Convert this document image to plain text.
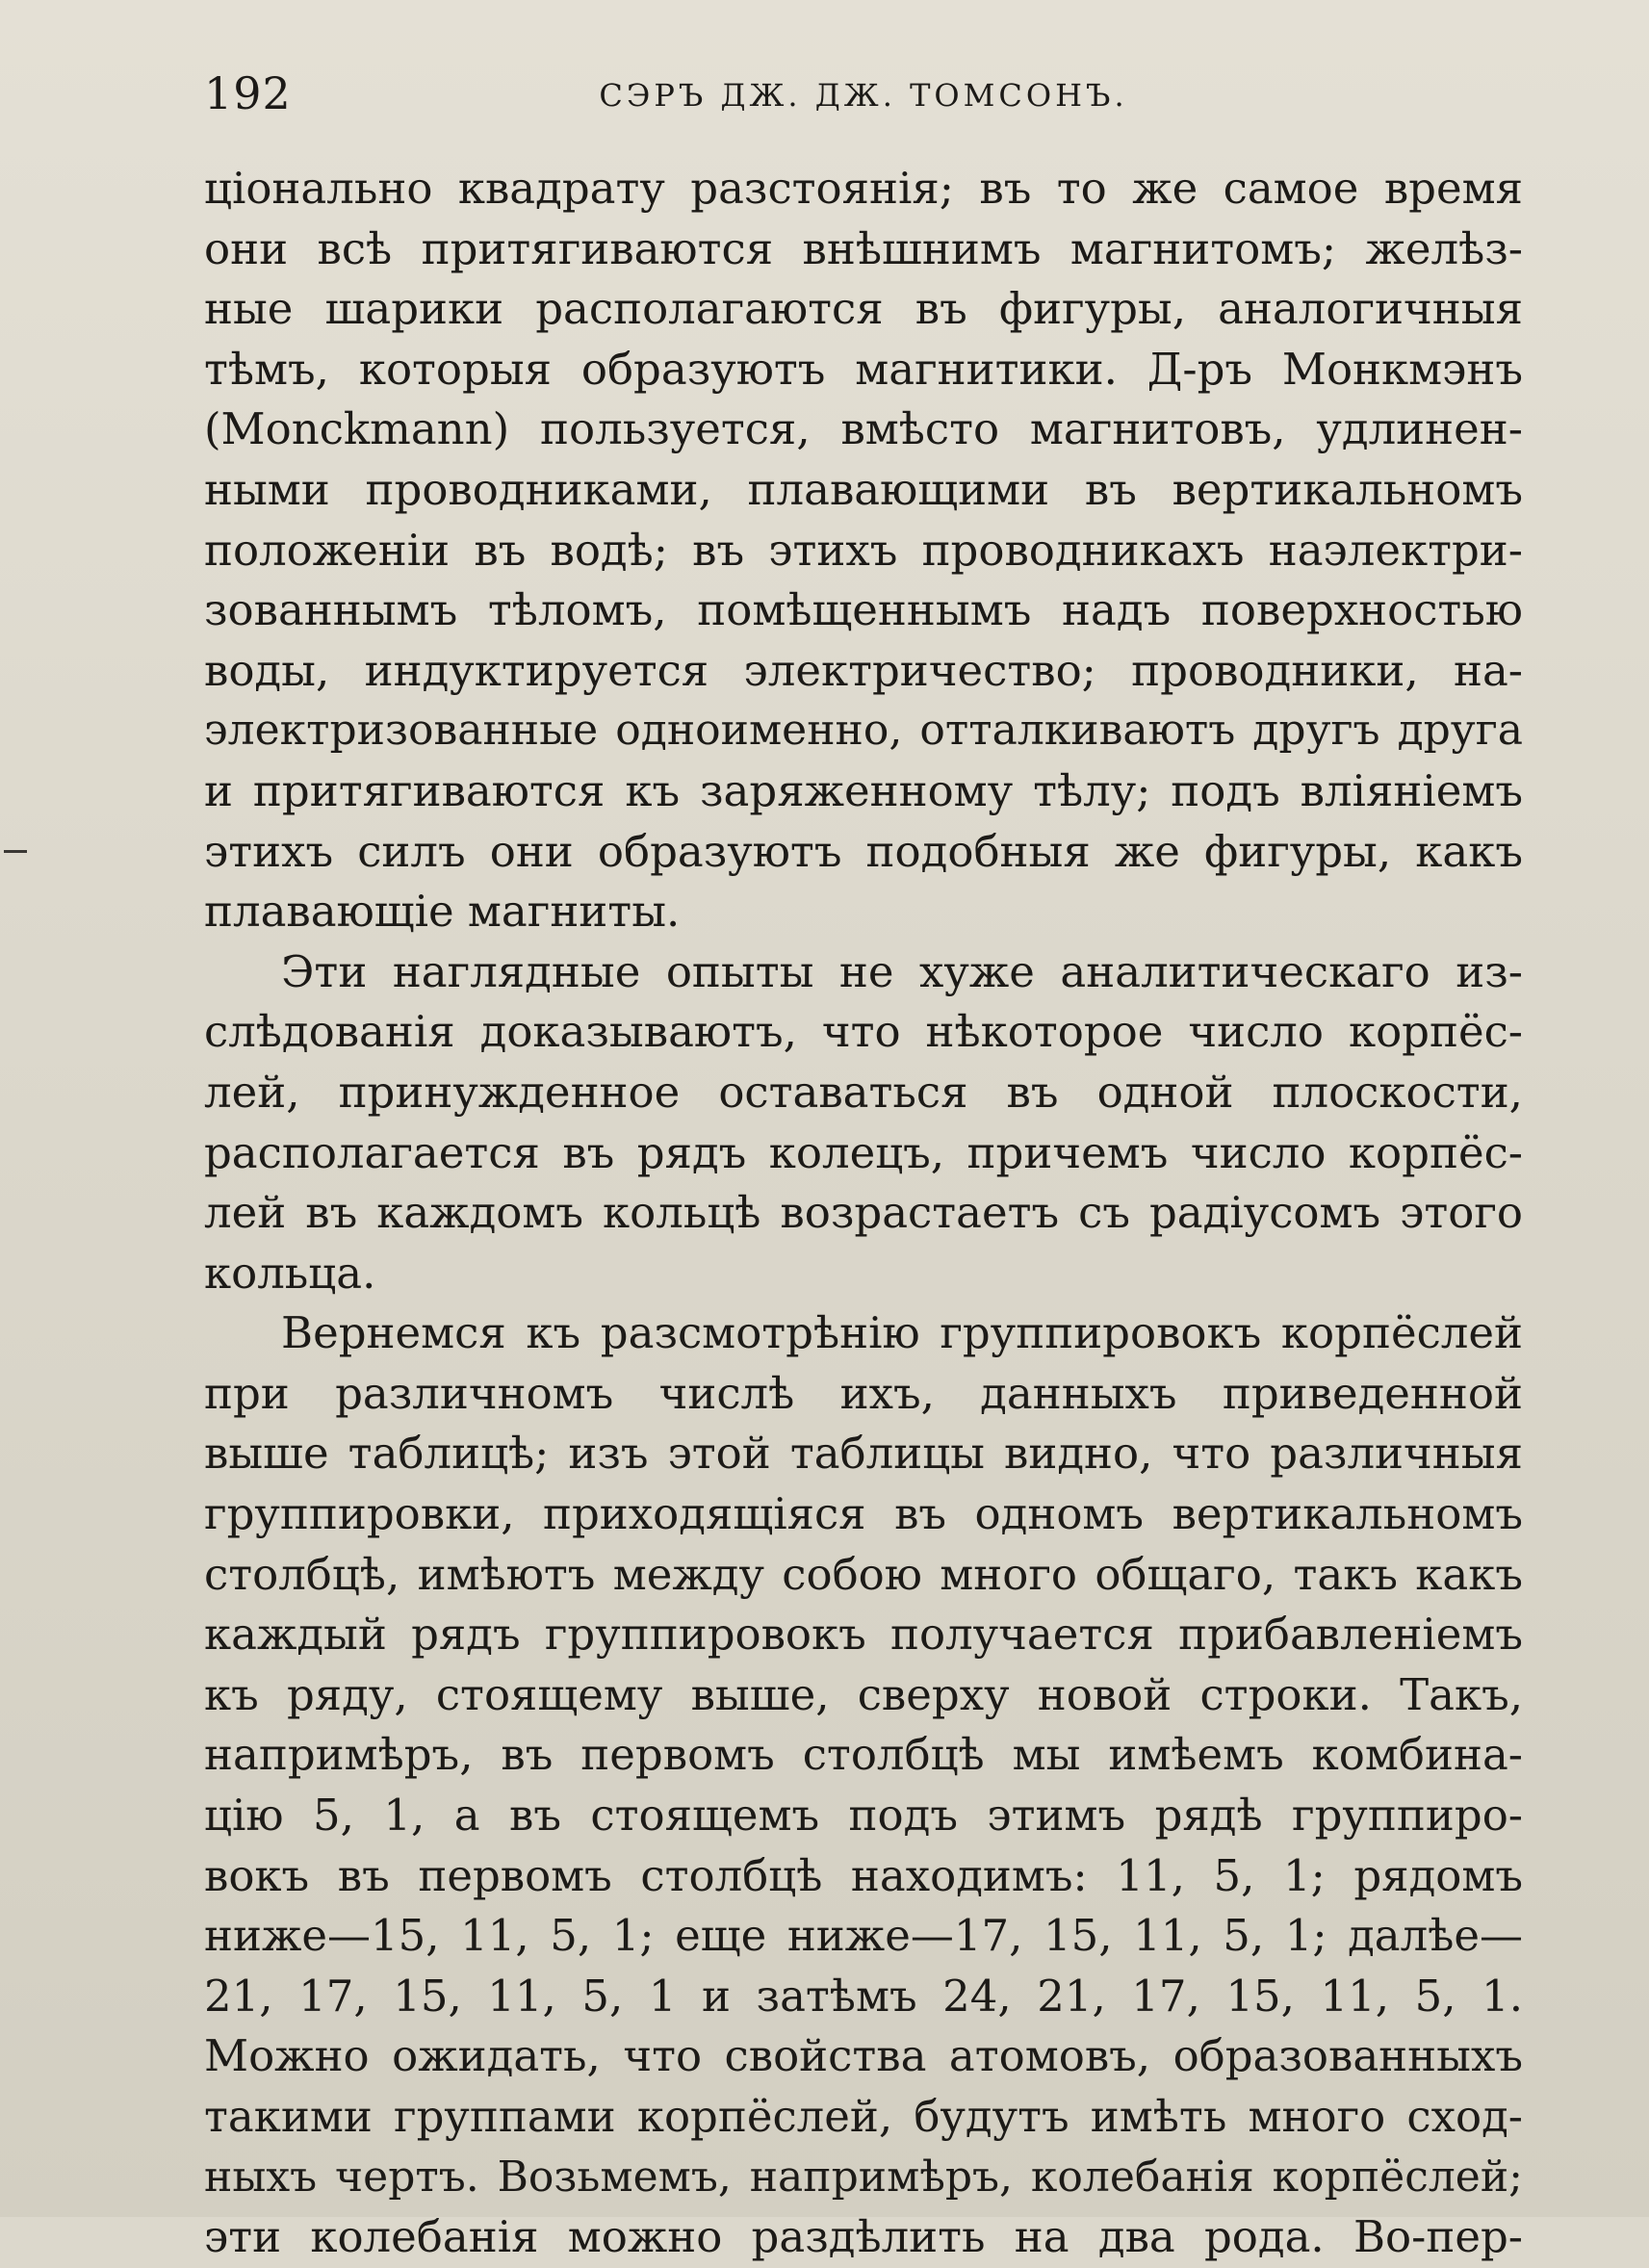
192	СЭРЪ ДЖ. ДЖ. ТОМСОНЪ.
ціонально квадрату разстоянія; въ то же самое время
они всѣ притягиваются внѣшнимъ магнитомъ; желѣз-
ные шарики располагаются въ фигуры, аналогичныя
тѣмъ, которыя образуютъ магнитики. Д-ръ Монкмэнъ
(Monckmann) пользуется, вмѣсто магнитовъ, удлинен-
ными проводниками, плавающими въ вертикальномъ
положеніи въ водѣ; въ этихъ проводникахъ наэлектри-
зованнымъ тѣломъ, помѣщеннымъ надъ поверхностью
воды, индуктируется электричество; проводники, на-
электризованные одноименно, отталкиваютъ другъ друга
и притягиваются къ заряженному тѣлу; подъ вліяніемъ
этихъ силъ они образуютъ подобныя же фигуры, какъ
плавающіе магниты.
Эти наглядные опыты не хуже аналитическаго из-
слѣдованія доказываютъ, что нѣкоторое число корпёс-
лей, принужденное оставаться въ одной плоскости,
располагается въ рядъ колецъ, причемъ число корпёс-
лей въ каждомъ кольцѣ возрастаетъ съ радіусомъ этого
кольца.
Вернемся къ разсмотрѣнію группировокъ корпёслей
при различномъ числѣ ихъ, данныхъ приведенной
выше таблицѣ; изъ этой таблицы видно, что различныя
группировки, приходящіяся въ одномъ вертикальномъ
столбцѣ, имѣютъ между собою много общаго, такъ какъ
каждый рядъ группировокъ получается прибавленіемъ
къ ряду, стоящему выше, сверху новой строки. Такъ,
напримѣръ, въ первомъ столбцѣ мы имѣемъ комбина-
цію 5, 1, а въ стоящемъ подъ этимъ рядѣ группиро-
вокъ въ первомъ столбцѣ находимъ: 11, 5, 1; рядомъ
ниже—15, 11, 5, 1; еще ниже—17, 15, 11, 5, 1; далѣе—
21, 17, 15, 11, 5, 1 и затѣмъ 24, 21, 17, 15, 11, 5, 1.
Можно ожидать, что свойства атомовъ, образованныхъ
такими группами корпёслей, будутъ имѣть много сход-
ныхъ чертъ. Возьмемъ, напримѣръ, колебанія корпёслей;
эти колебанія можно раздѣлить на два рода. Во-пер-
